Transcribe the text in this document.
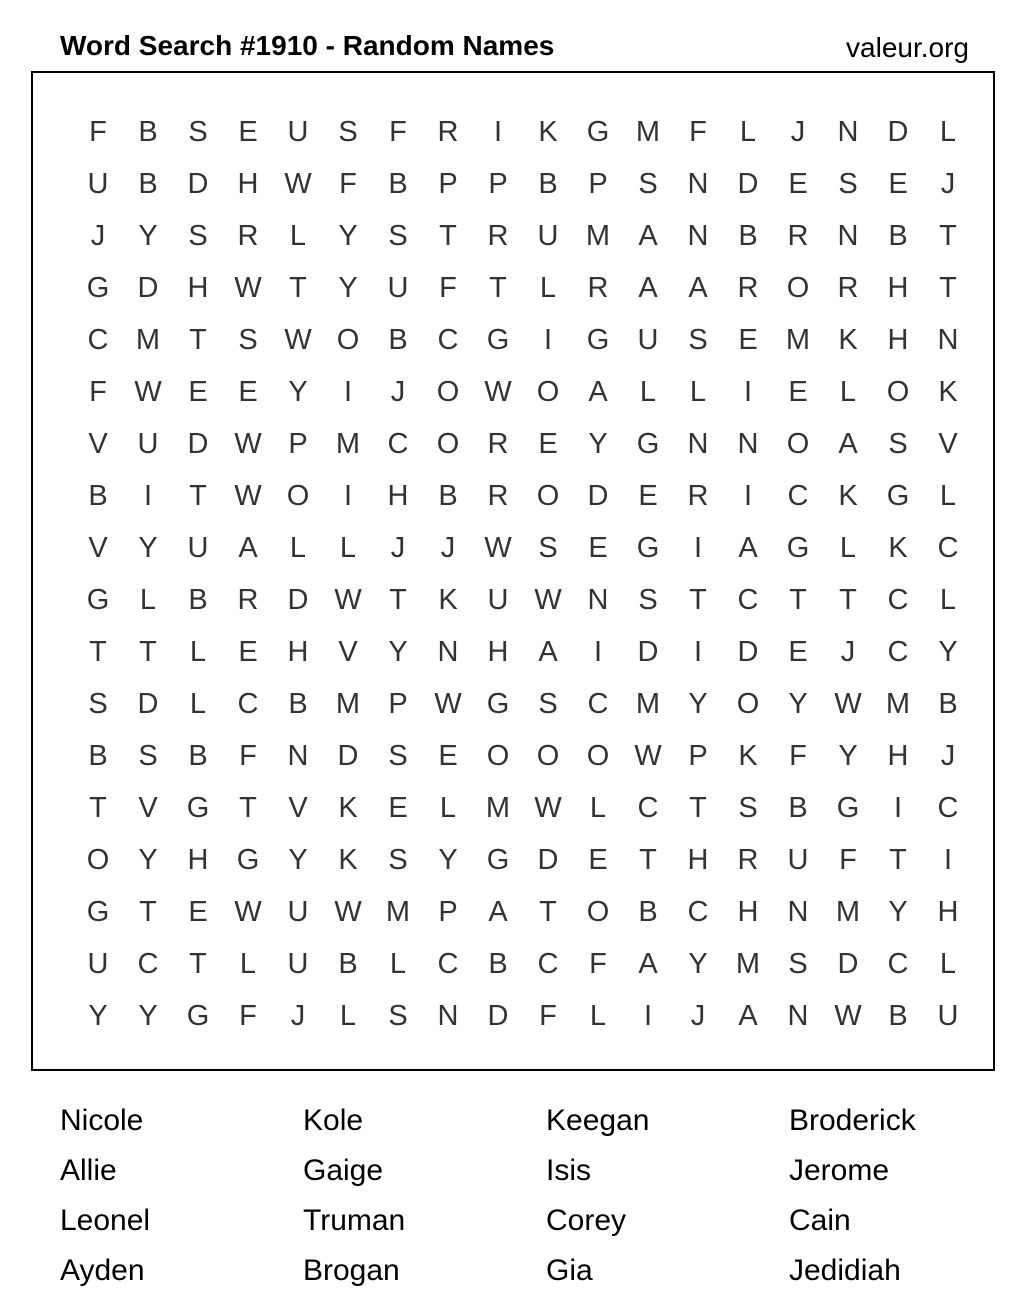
Word Search #1910 - Random Names	valeur.org
F	B	S	E	U	S	F	R	I	K	G M	F	L	J	N	D	L
U	B	D	H W F	B	P	P	B	P	S	N	D	E	S	E	J
J	Y	S	R	L	Y	S	T	R	U M A	N	B	R	N	B	T
G D	H W T	Y	U	F	T	L	R	A	A	R O R	H	T
C M	T	S W O	B	C G	I	G U	S	E M K	H	N
F W E	E	Y	I	J	O W O	A	L	L	I	E	L	O	K
V	U	D W P M C O R	E	Y	G N	N O	A	S	V
B	I	T W O	I	H	B	R O D	E	R	I	C	K	G	L
V	Y	U	A	L	L	J	J	W S	E	G	I	A	G	L	K	C
G	L	B	R	D W T	K	U W N	S	T	C	T	T	C	L
T	T	L	E	H	V	Y	N	H	A	I	D	I	D	E	J	C	Y
S	D	L	C	B M P W G	S	C M Y	O	Y W M B
B	S	B	F	N	D	S	E	O O O W P	K	F	Y	H	J
T	V	G	T	V	K	E	L	M W L	C	T	S	B	G	I	C
O	Y	H G	Y	K	S	Y	G D	E	T	H	R	U	F	T	I
G	T	E W U W M P	A	T	O	B	C	H	N M Y	H
U	C	T	L	U	B	L	C	B	C	F	A	Y M S	D	C	L
Y	Y	G	F	J	L	S	N	D	F	L	I	J	A	N W B	U
Nicole	Kole	Keegan	Broderick
Allie	Gaige	Isis	Jerome
Leonel	Truman	Corey	Cain
Ayden	Brogan	Gia	Jedidiah
